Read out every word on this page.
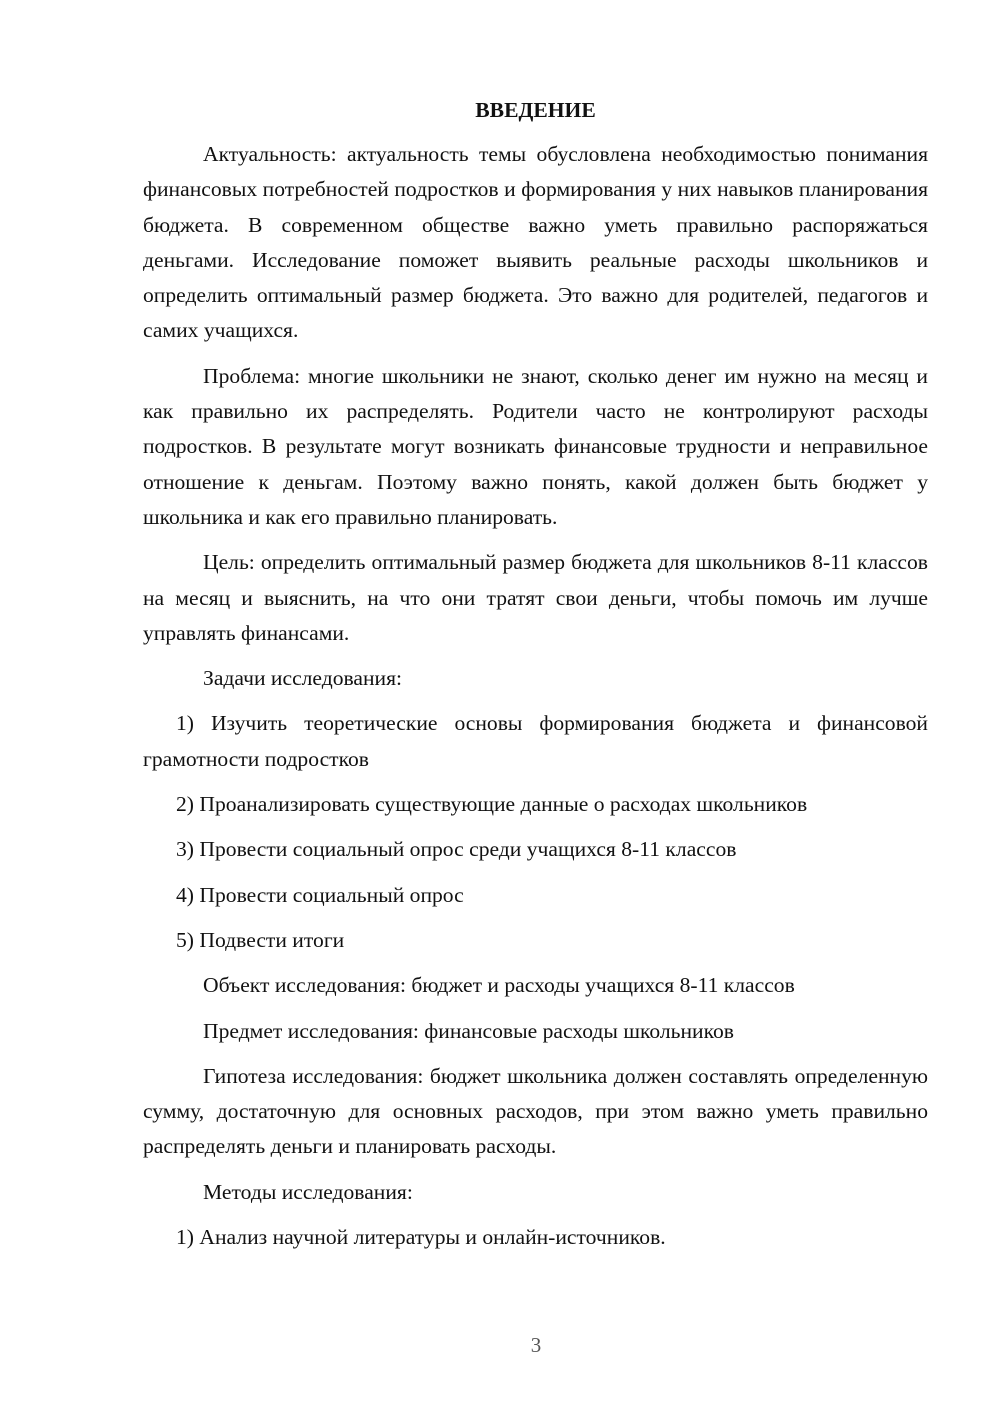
ВВЕДЕНИЕ
Актуальность: актуальность темы обусловлена необходимостью понимания финансовых потребностей подростков и формирования у них навыков планирования бюджета. В современном обществе важно уметь правильно распоряжаться деньгами. Исследование поможет выявить реальные расходы школьников и определить оптимальный размер бюджета. Это важно для родителей, педагогов и самих учащихся.
Проблема: многие школьники не знают, сколько денег им нужно на месяц и как правильно их распределять. Родители часто не контролируют расходы подростков. В результате могут возникать финансовые трудности и неправильное отношение к деньгам. Поэтому важно понять, какой должен быть бюджет у школьника и как его правильно планировать.
Цель: определить оптимальный размер бюджета для школьников 8-11 классов на месяц и выяснить, на что они тратят свои деньги, чтобы помочь им лучше управлять финансами.
Задачи исследования:
1) Изучить теоретические основы формирования бюджета и финансовой грамотности подростков
2) Проанализировать существующие данные о расходах школьников
3) Провести социальный опрос среди учащихся 8-11 классов
4) Провести социальный опрос
5) Подвести итоги
Объект исследования: бюджет и расходы учащихся 8-11 классов
Предмет исследования: финансовые расходы школьников
Гипотеза исследования: бюджет школьника должен составлять определенную сумму, достаточную для основных расходов, при этом важно уметь правильно распределять деньги и планировать расходы.
Методы исследования:
1) Анализ научной литературы и онлайн-источников.
3
